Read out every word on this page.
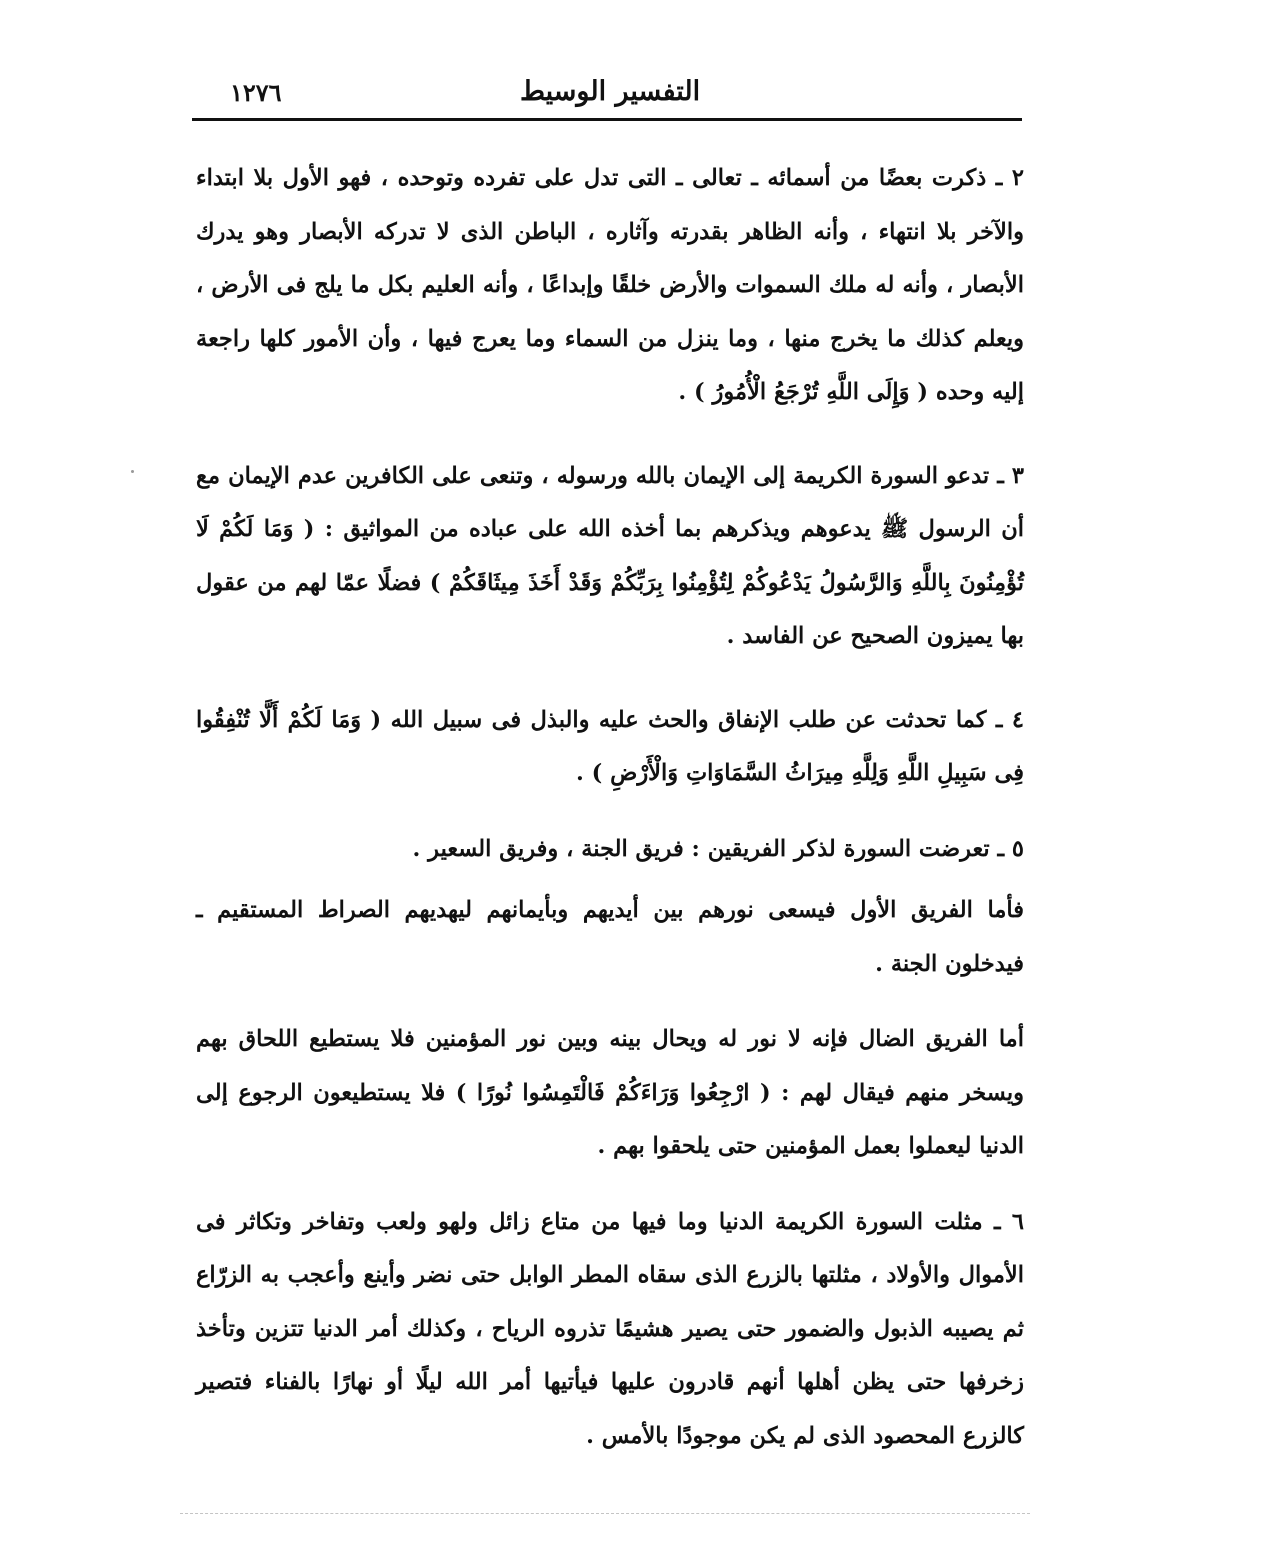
١٢٧٦	التفسير الوسيط

٢ ـ ذكرت بعضًا من أسمائه ـ تعالى ـ التى تدل على تفرده وتوحده ، فهو الأول بلا ابتداء والآخر بلا انتهاء ، وأنه الظاهر بقدرته وآثاره ، الباطن الذى لا تدركه الأبصار وهو يدرك الأبصار ، وأنه له ملك السموات والأرض خلقًا وإبداعًا ، وأنه العليم بكل ما يلج فى الأرض ، ويعلم كذلك ما يخرج منها ، وما ينزل من السماء وما يعرج فيها ، وأن الأمور كلها راجعة إليه وحده ( وَإِلَى اللَّهِ تُرْجَعُ الْأُمُورُ ) .

٣ ـ تدعو السورة الكريمة إلى الإيمان بالله ورسوله ، وتنعى على الكافرين عدم الإيمان مع أن الرسول ﷺ يدعوهم ويذكرهم بما أخذه الله على عباده من المواثيق : ( وَمَا لَكُمْ لَا تُؤْمِنُونَ بِاللَّهِ وَالرَّسُولُ يَدْعُوكُمْ لِتُؤْمِنُوا بِرَبِّكُمْ وَقَدْ أَخَذَ مِيثَاقَكُمْ ) فضلًا عمّا لهم من عقول بها يميزون الصحيح عن الفاسد .

٤ ـ كما تحدثت عن طلب الإنفاق والحث عليه والبذل فى سبيل الله ( وَمَا لَكُمْ أَلَّا تُنْفِقُوا فِى سَبِيلِ اللَّهِ وَلِلَّهِ مِيرَاثُ السَّمَاوَاتِ وَالْأَرْضِ ) .

٥ ـ تعرضت السورة لذكر الفريقين : فريق الجنة ، وفريق السعير .

فأما الفريق الأول فيسعى نورهم بين أيديهم وبأيمانهم ليهديهم الصراط المستقيم ـ فيدخلون الجنة .

أما الفريق الضال فإنه لا نور له ويحال بينه وبين نور المؤمنين فلا يستطيع اللحاق بهم ويسخر منهم فيقال لهم : ( ارْجِعُوا وَرَاءَكُمْ فَالْتَمِسُوا نُورًا ) فلا يستطيعون الرجوع إلى الدنيا ليعملوا بعمل المؤمنين حتى يلحقوا بهم .

٦ ـ مثلت السورة الكريمة الدنيا وما فيها من متاع زائل ولهو ولعب وتفاخر وتكاثر فى الأموال والأولاد ، مثلتها بالزرع الذى سقاه المطر الوابل حتى نضر وأينع وأعجب به الزرّاع ثم يصيبه الذبول والضمور حتى يصير هشيمًا تذروه الرياح ، وكذلك أمر الدنيا تتزين وتأخذ زخرفها حتى يظن أهلها أنهم قادرون عليها فيأتيها أمر الله ليلًا أو نهارًا بالفناء فتصير كالزرع المحصود الذى لم يكن موجودًا بالأمس .
